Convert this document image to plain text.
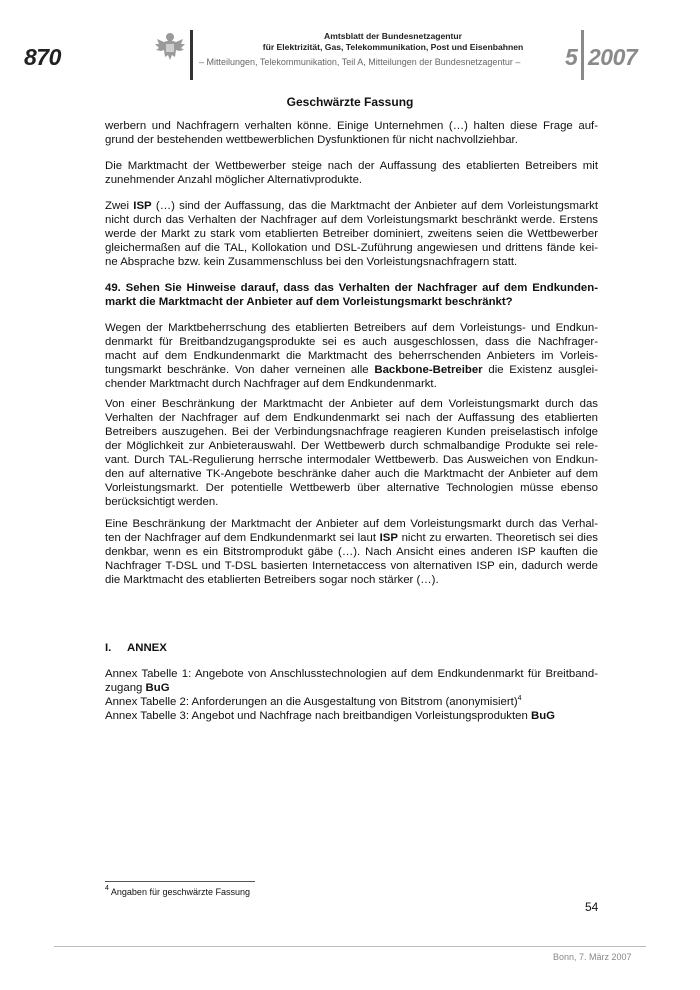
870
Amtsblatt der Bundesnetzagentur
für Elektrizität, Gas, Telekommunikation, Post und Eisenbahnen
– Mitteilungen, Telekommunikation, Teil A, Mitteilungen der Bundesnetzagentur –	5 2007
Geschwärzte Fassung
werbern und Nachfragern verhalten könne. Einige Unternehmen (…) halten diese Frage auf-
grund der bestehenden wettbewerblichen Dysfunktionen für nicht nachvollziehbar.
Die Marktmacht der Wettbewerber steige nach der Auffassung des etablierten Betreibers mit
zunehmender Anzahl möglicher Alternativprodukte.
Zwei ISP (…) sind der Auffassung, das die Marktmacht der Anbieter auf dem Vorleistungsmarkt
nicht durch das Verhalten der Nachfrager auf dem Vorleistungsmarkt beschränkt werde. Erstens
werde der Markt zu stark vom etablierten Betreiber dominiert, zweitens seien die Wettbewerber
gleichermaßen auf die TAL, Kollokation und DSL-Zuführung angewiesen und drittens fände kei-
ne Absprache bzw. kein Zusammenschluss bei den Vorleistungsnachfragern statt.
49. Sehen Sie Hinweise darauf, dass das Verhalten der Nachfrager auf dem Endkunden-
markt die Marktmacht der Anbieter auf dem Vorleistungsmarkt beschränkt?
Wegen der Marktbeherrschung des etablierten Betreibers auf dem Vorleistungs- und Endkun-
denmarkt für Breitbandzugangsprodukte sei es auch ausgeschlossen, dass die Nachfrager-
macht auf dem Endkundenmarkt die Marktmacht des beherrschenden Anbieters im Vorleis-
tungsmarkt beschränke. Von daher verneinen alle Backbone-Betreiber die Existenz ausglei-
chender Marktmacht durch Nachfrager auf dem Endkundenmarkt.
Von einer Beschränkung der Marktmacht der Anbieter auf dem Vorleistungsmarkt durch das
Verhalten der Nachfrager auf dem Endkundenmarkt sei nach der Auffassung des etablierten
Betreibers auszugehen. Bei der Verbindungsnachfrage reagieren Kunden preiselastisch infolge
der Möglichkeit zur Anbieterauswahl. Der Wettbewerb durch schmalbandige Produkte sei rele-
vant. Durch TAL-Regulierung herrsche intermodaler Wettbewerb. Das Ausweichen von Endkun-
den auf alternative TK-Angebote beschränke daher auch die Marktmacht der Anbieter auf dem
Vorleistungsmarkt. Der potentielle Wettbewerb über alternative Technologien müsse ebenso
berücksichtigt werden.
Eine Beschränkung der Marktmacht der Anbieter auf dem Vorleistungsmarkt durch das Verhal-
ten der Nachfrager auf dem Endkundenmarkt sei laut ISP nicht zu erwarten. Theoretisch sei dies
denkbar, wenn es ein Bitstromprodukt gäbe (…). Nach Ansicht eines anderen ISP kauften die
Nachfrager T-DSL und T-DSL basierten Internetaccess von alternativen ISP ein, dadurch werde
die Marktmacht des etablierten Betreibers sogar noch stärker (…).
I. ANNEX
Annex Tabelle 1: Angebote von Anschlusstechnologien auf dem Endkundenmarkt für Breitband-
zugang BuG
Annex Tabelle 2: Anforderungen an die Ausgestaltung von Bitstrom (anonymisiert)$^4$
Annex Tabelle 3: Angebot und Nachfrage nach breitbandigen Vorleistungsprodukten BuG
$^4$ Angaben für geschwärzte Fassung
54
Bonn, 7. März 2007
